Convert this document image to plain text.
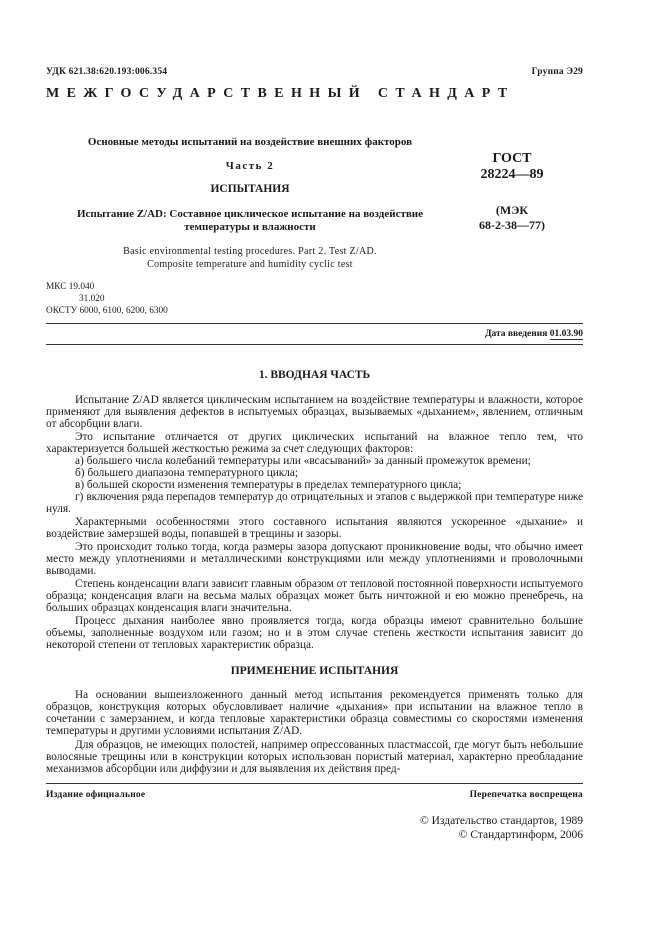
УДК 621.38:620.193:006.354	Группа Э29
МЕЖГОСУДАРСТВЕННЫЙ СТАНДАРТ
Основные методы испытаний на воздействие внешних факторов
Часть 2
ИСПЫТАНИЯ
Испытание Z/AD: Составное циклическое испытание на воздействие
температуры и влажности
Basic environmental testing procedures. Part 2. Test Z/AD.
Composite temperature and humidity cyclic test
ГОСТ
28224—89
(МЭК
68-2-38—77)
МКС 19.040
31.020
ОКСТУ 6000, 6100, 6200, 6300
Дата введения 01.03.90
1. ВВОДНАЯ ЧАСТЬ
Испытание Z/AD является циклическим испытанием на воздействие температуры и влажности, которое применяют для выявления дефектов в испытуемых образцах, вызываемых «дыханием», явлением, отличным от абсорбции влаги.
Это испытание отличается от других циклических испытаний на влажное тепло тем, что характеризуется большей жесткостью режима за счет следующих факторов:
а) большего числа колебаний температуры или «всасываний» за данный промежуток времени;
б) большего диапазона температурного цикла;
в) большей скорости изменения температуры в пределах температурного цикла;
г) включения ряда перепадов температур до отрицательных и этапов с выдержкой при температуре ниже нуля.
Характерными особенностями этого составного испытания являются ускоренное «дыхание» и воздействие замерзшей воды, попавшей в трещины и зазоры.
Это происходит только тогда, когда размеры зазора допускают проникновение воды, что обычно имеет место между уплотнениями и металлическими конструкциями или между уплотнениями и проволочными выводами.
Степень конденсации влаги зависит главным образом от тепловой постоянной поверхности испытуемого образца; конденсация влаги на весьма малых образцах может быть ничтожной и ею можно пренебречь, на больших образцах конденсация влаги значительна.
Процесс дыхания наиболее явно проявляется тогда, когда образцы имеют сравнительно большие объемы, заполненные воздухом или газом; но и в этом случае степень жесткости испытания зависит до некоторой степени от тепловых характеристик образца.
ПРИМЕНЕНИЕ ИСПЫТАНИЯ
На основании вышеизложенного данный метод испытания рекомендуется применять только для образцов, конструкция которых обусловливает наличие «дыхания» при испытании на влажное тепло в сочетании с замерзанием, и когда тепловые характеристики образца совместимы со скоростями изменения температуры и другими условиями испытания Z/AD.
Для образцов, не имеющих полостей, например опрессованных пластмассой, где могут быть небольшие волосяные трещины или в конструкции которых использован пористый материал, характерно преобладание механизмов абсорбции или диффузии и для выявления их действия пред-
Издание официальное	Перепечатка воспрещена
© Издательство стандартов, 1989
© Стандартинформ, 2006
